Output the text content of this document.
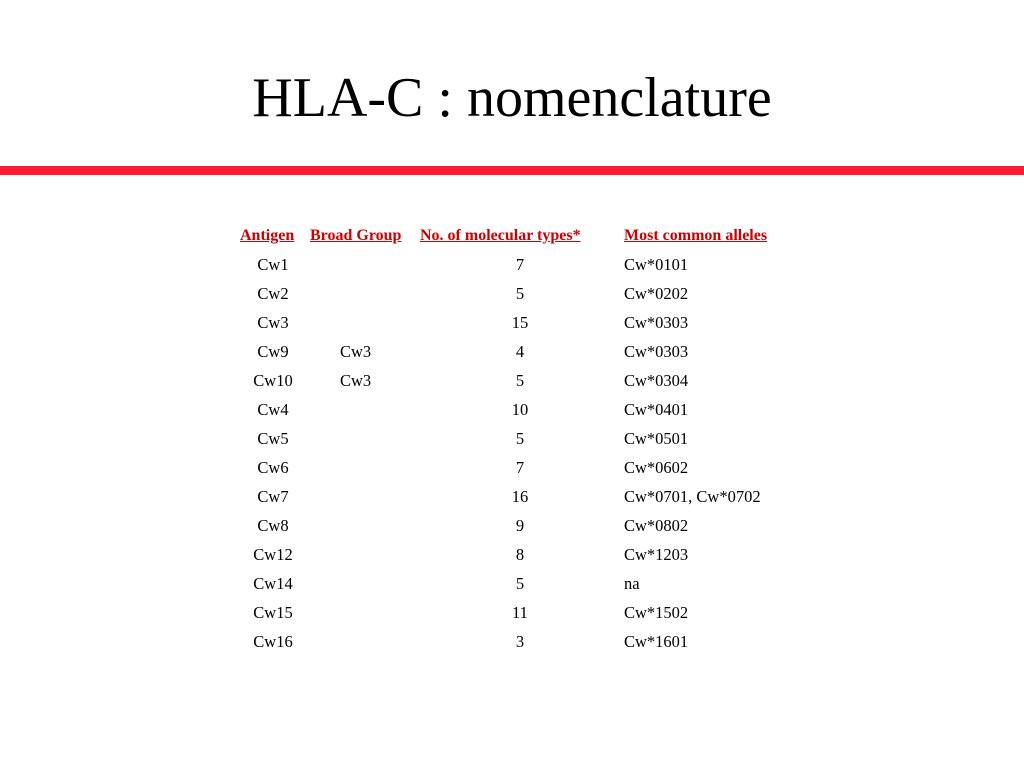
HLA-C : nomenclature
Antigen	Broad Group	No. of molecular types*	Most common alleles
Cw1		7	Cw*0101
Cw2		5	Cw*0202
Cw3		15	Cw*0303
Cw9	Cw3	4	Cw*0303
Cw10	Cw3	5	Cw*0304
Cw4		10	Cw*0401
Cw5		5	Cw*0501
Cw6		7	Cw*0602
Cw7		16	Cw*0701, Cw*0702
Cw8		9	Cw*0802
Cw12		8	Cw*1203
Cw14		5	na
Cw15		11	Cw*1502
Cw16		3	Cw*1601
